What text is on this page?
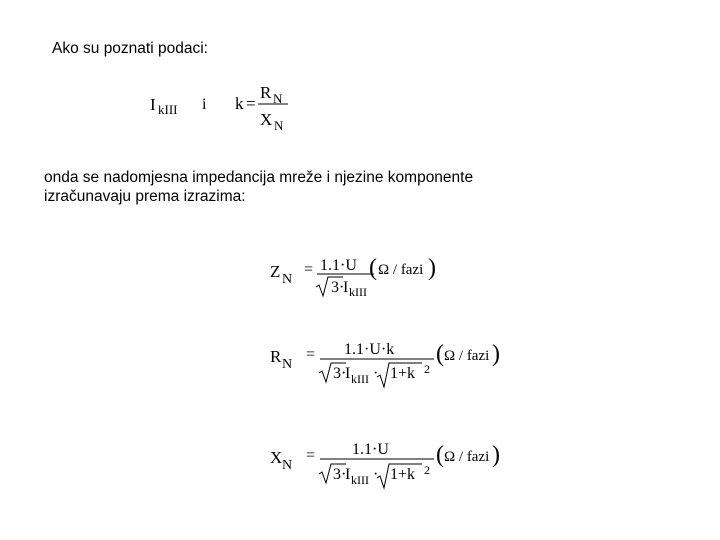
Ako su poznati podaci:
I kIII i k =
R N
X N
onda se nadomjesna impedancija mreže i njezine komponente
izračunavaju prema izrazima:
Z N
= 1.1·U
3 ·
I kIII
( Ω / fazi )
R N
= 1.1·U·k
3 ·
I kIII · 1+k 2
( Ω / fazi )
X N
= 1.1·U
3 ·
I kIII · 1+k 2
( Ω / fazi )
